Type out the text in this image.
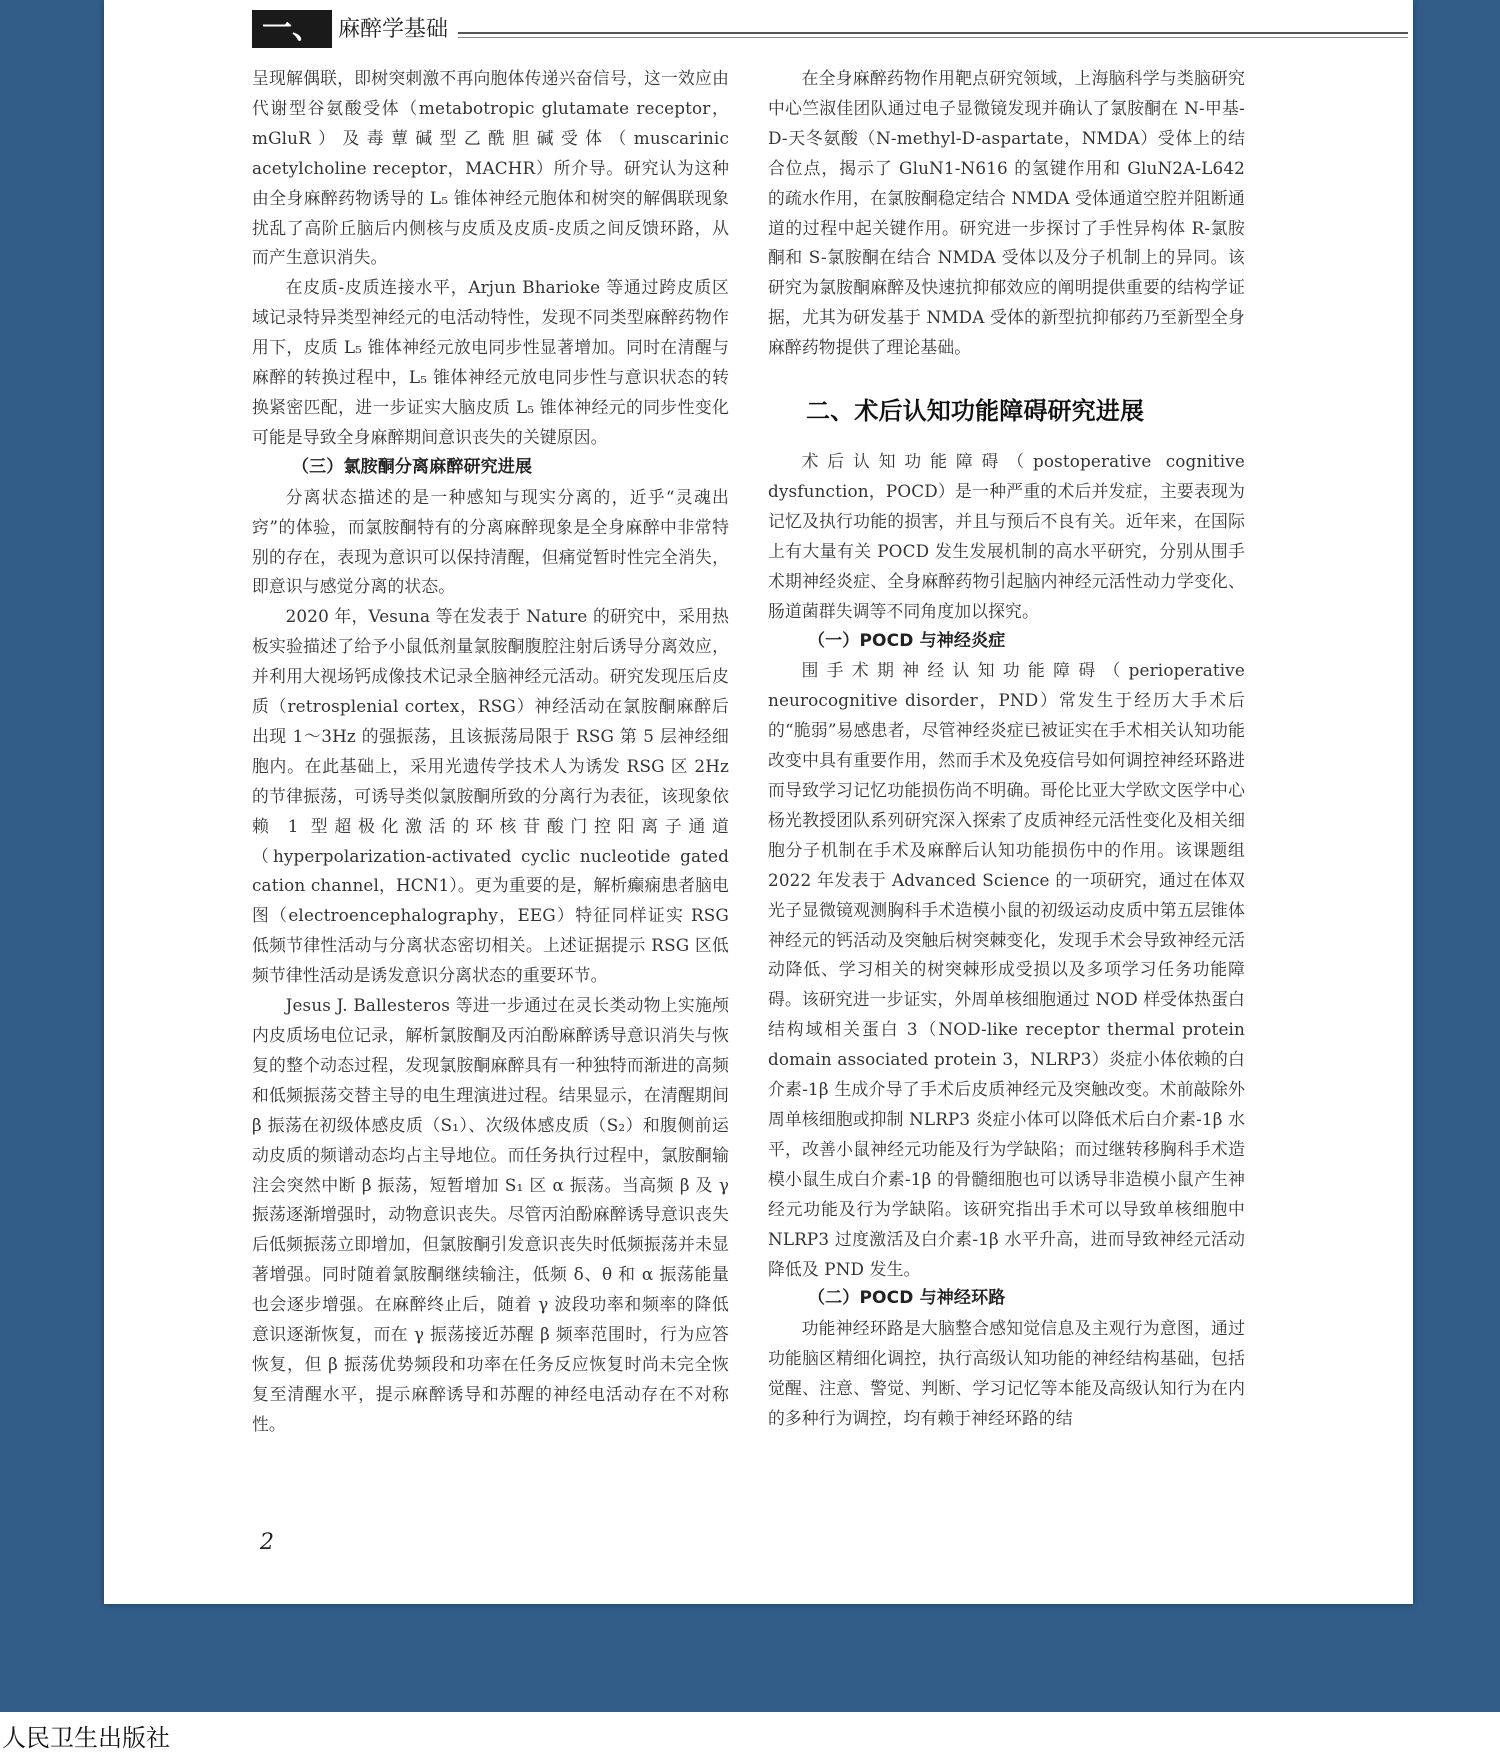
一、 麻醉学基础

呈现解偶联，即树突刺激不再向胞体传递兴奋信号，这一效应由代谢型谷氨酸受体（metabotropic glutamate receptor，mGluR）及毒蕈碱型乙酰胆碱受体（muscarinic acetylcholine receptor，MACHR）所介导。研究认为这种由全身麻醉药物诱导的 L₅ 锥体神经元胞体和树突的解偶联现象扰乱了高阶丘脑后内侧核与皮质及皮质-皮质之间反馈环路，从而产生意识消失。

在皮质-皮质连接水平，Arjun Bharioke 等通过跨皮质区域记录特异类型神经元的电活动特性，发现不同类型麻醉药物作用下，皮质 L₅ 锥体神经元放电同步性显著增加。同时在清醒与麻醉的转换过程中，L₅ 锥体神经元放电同步性与意识状态的转换紧密匹配，进一步证实大脑皮质 L₅ 锥体神经元的同步性变化可能是导致全身麻醉期间意识丧失的关键原因。

（三）氯胺酮分离麻醉研究进展

分离状态描述的是一种感知与现实分离的，近乎“灵魂出窍”的体验，而氯胺酮特有的分离麻醉现象是全身麻醉中非常特别的存在，表现为意识可以保持清醒，但痛觉暂时性完全消失，即意识与感觉分离的状态。

2020 年，Vesuna 等在发表于 Nature 的研究中，采用热板实验描述了给予小鼠低剂量氯胺酮腹腔注射后诱导分离效应，并利用大视场钙成像技术记录全脑神经元活动。研究发现压后皮质（retrosplenial cortex，RSG）神经活动在氯胺酮麻醉后出现 1～3Hz 的强振荡，且该振荡局限于 RSG 第 5 层神经细胞内。在此基础上，采用光遗传学技术人为诱发 RSG 区 2Hz 的节律振荡，可诱导类似氯胺酮所致的分离行为表征，该现象依赖 1 型超极化激活的环核苷酸门控阳离子通道（hyperpolarization-activated cyclic nucleotide gated cation channel，HCN1）。更为重要的是，解析癫痫患者脑电图（electroencephalography，EEG）特征同样证实 RSG 低频节律性活动与分离状态密切相关。上述证据提示 RSG 区低频节律性活动是诱发意识分离状态的重要环节。

Jesus J. Ballesteros 等进一步通过在灵长类动物上实施颅内皮质场电位记录，解析氯胺酮及丙泊酚麻醉诱导意识消失与恢复的整个动态过程，发现氯胺酮麻醉具有一种独特而渐进的高频和低频振荡交替主导的电生理演进过程。结果显示，在清醒期间 β 振荡在初级体感皮质（S₁）、次级体感皮质（S₂）和腹侧前运动皮质的频谱动态均占主导地位。而任务执行过程中，氯胺酮输注会突然中断 β 振荡，短暂增加 S₁ 区 α 振荡。当高频 β 及 γ 振荡逐渐增强时，动物意识丧失。尽管丙泊酚麻醉诱导意识丧失后低频振荡立即增加，但氯胺酮引发意识丧失时低频振荡并未显著增强。同时随着氯胺酮继续输注，低频 δ、θ 和 α 振荡能量也会逐步增强。在麻醉终止后，随着 γ 波段功率和频率的降低意识逐渐恢复，而在 γ 振荡接近苏醒 β 频率范围时，行为应答恢复，但 β 振荡优势频段和功率在任务反应恢复时尚未完全恢复至清醒水平，提示麻醉诱导和苏醒的神经电活动存在不对称性。

在全身麻醉药物作用靶点研究领域，上海脑科学与类脑研究中心竺淑佳团队通过电子显微镜发现并确认了氯胺酮在 N-甲基-D-天冬氨酸（N-methyl-D-aspartate，NMDA）受体上的结合位点，揭示了 GluN1-N616 的氢键作用和 GluN2A-L642 的疏水作用，在氯胺酮稳定结合 NMDA 受体通道空腔并阻断通道的过程中起关键作用。研究进一步探讨了手性异构体 R-氯胺酮和 S-氯胺酮在结合 NMDA 受体以及分子机制上的异同。该研究为氯胺酮麻醉及快速抗抑郁效应的阐明提供重要的结构学证据，尤其为研发基于 NMDA 受体的新型抗抑郁药乃至新型全身麻醉药物提供了理论基础。

二、术后认知功能障碍研究进展

术后认知功能障碍（postoperative cognitive dysfunction，POCD）是一种严重的术后并发症，主要表现为记忆及执行功能的损害，并且与预后不良有关。近年来，在国际上有大量有关 POCD 发生发展机制的高水平研究，分别从围手术期神经炎症、全身麻醉药物引起脑内神经元活性动力学变化、肠道菌群失调等不同角度加以探究。

（一）POCD 与神经炎症

围手术期神经认知功能障碍（perioperative neurocognitive disorder，PND）常发生于经历大手术后的“脆弱”易感患者，尽管神经炎症已被证实在手术相关认知功能改变中具有重要作用，然而手术及免疫信号如何调控神经环路进而导致学习记忆功能损伤尚不明确。哥伦比亚大学欧文医学中心杨光教授团队系列研究深入探索了皮质神经元活性变化及相关细胞分子机制在手术及麻醉后认知功能损伤中的作用。该课题组 2022 年发表于 Advanced Science 的一项研究，通过在体双光子显微镜观测胸科手术造模小鼠的初级运动皮质中第五层锥体神经元的钙活动及突触后树突棘变化，发现手术会导致神经元活动降低、学习相关的树突棘形成受损以及多项学习任务功能障碍。该研究进一步证实，外周单核细胞通过 NOD 样受体热蛋白结构域相关蛋白 3（NOD-like receptor thermal protein domain associated protein 3，NLRP3）炎症小体依赖的白介素-1β 生成介导了手术后皮质神经元及突触改变。术前敲除外周单核细胞或抑制 NLRP3 炎症小体可以降低术后白介素-1β 水平，改善小鼠神经元功能及行为学缺陷；而过继转移胸科手术造模小鼠生成白介素-1β 的骨髓细胞也可以诱导非造模小鼠产生神经元功能及行为学缺陷。该研究指出手术可以导致单核细胞中 NLRP3 过度激活及白介素-1β 水平升高，进而导致神经元活动降低及 PND 发生。

（二）POCD 与神经环路

功能神经环路是大脑整合感知觉信息及主观行为意图，通过功能脑区精细化调控，执行高级认知功能的神经结构基础，包括觉醒、注意、警觉、判断、学习记忆等本能及高级认知行为在内的多种行为调控，均有赖于神经环路的结

2
人民卫生出版社
